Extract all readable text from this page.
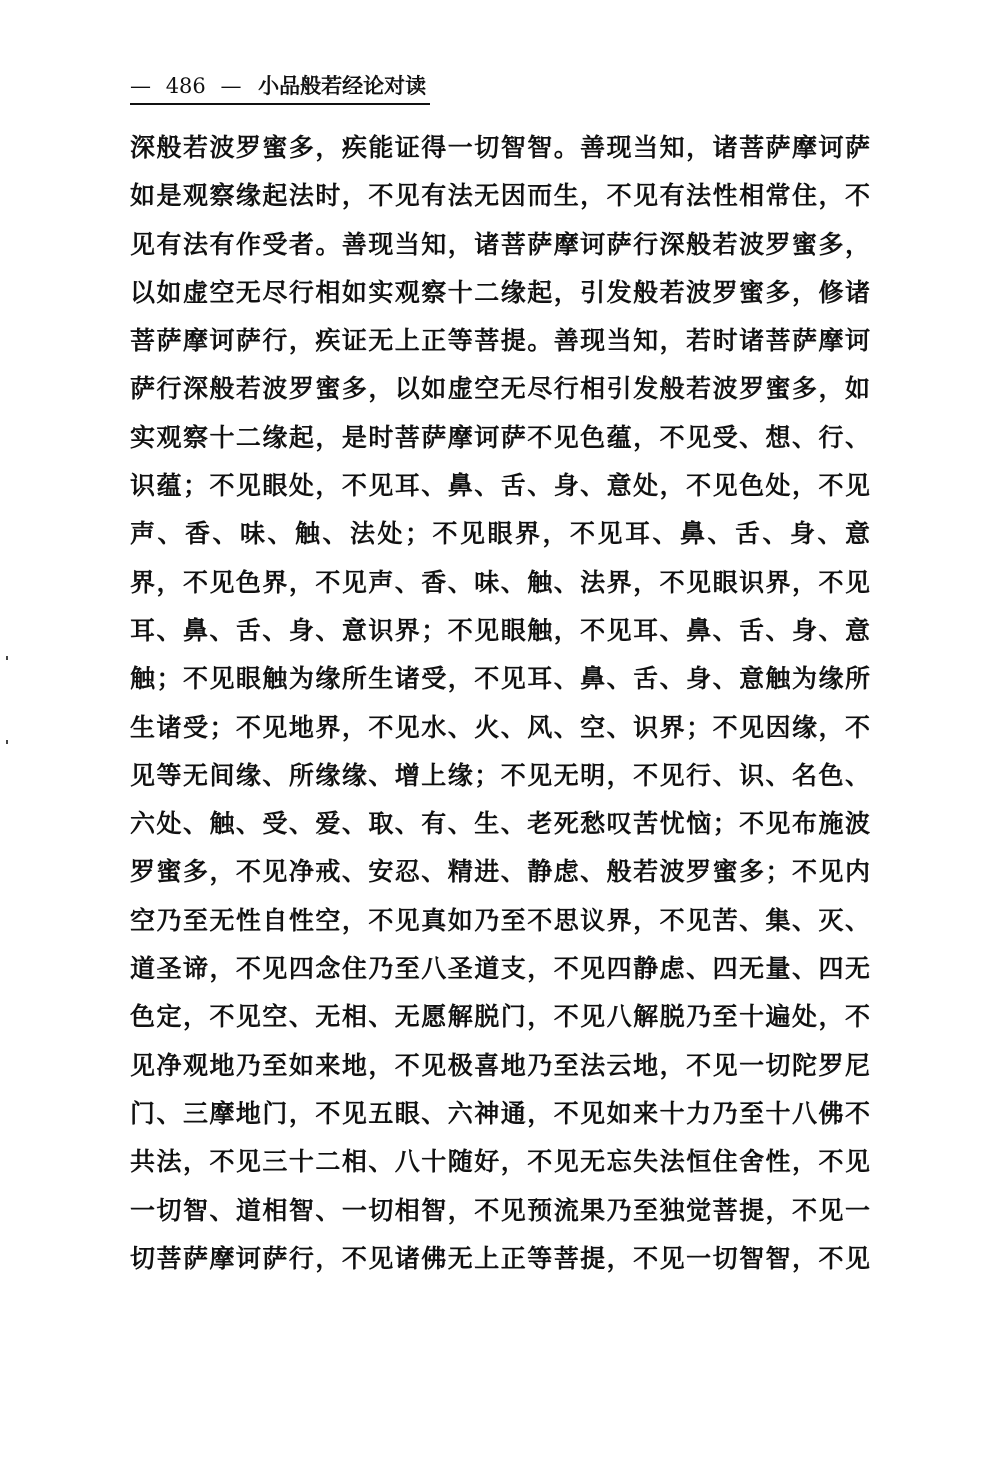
— 486 — 小品般若经论对读
深般若波罗蜜多，疾能证得一切智智。善现当知，诸菩萨摩诃萨
如是观察缘起法时，不见有法无因而生，不见有法性相常住，不
见有法有作受者。善现当知，诸菩萨摩诃萨行深般若波罗蜜多，
以如虚空无尽行相如实观察十二缘起，引发般若波罗蜜多，修诸
菩萨摩诃萨行，疾证无上正等菩提。善现当知，若时诸菩萨摩诃
萨行深般若波罗蜜多，以如虚空无尽行相引发般若波罗蜜多，如
实观察十二缘起，是时菩萨摩诃萨不见色蕴，不见受、想、行、
识蕴；不见眼处，不见耳、鼻、舌、身、意处，不见色处，不见
声、香、味、触、法处；不见眼界，不见耳、鼻、舌、身、意
界，不见色界，不见声、香、味、触、法界，不见眼识界，不见
耳、鼻、舌、身、意识界；不见眼触，不见耳、鼻、舌、身、意
触；不见眼触为缘所生诸受，不见耳、鼻、舌、身、意触为缘所
生诸受；不见地界，不见水、火、风、空、识界；不见因缘，不
见等无间缘、所缘缘、增上缘；不见无明，不见行、识、名色、
六处、触、受、爱、取、有、生、老死愁叹苦忧恼；不见布施波
罗蜜多，不见净戒、安忍、精进、静虑、般若波罗蜜多；不见内
空乃至无性自性空，不见真如乃至不思议界，不见苦、集、灭、
道圣谛，不见四念住乃至八圣道支，不见四静虑、四无量、四无
色定，不见空、无相、无愿解脱门，不见八解脱乃至十遍处，不
见净观地乃至如来地，不见极喜地乃至法云地，不见一切陀罗尼
门、三摩地门，不见五眼、六神通，不见如来十力乃至十八佛不
共法，不见三十二相、八十随好，不见无忘失法恒住舍性，不见
一切智、道相智、一切相智，不见预流果乃至独觉菩提，不见一
切菩萨摩诃萨行，不见诸佛无上正等菩提，不见一切智智，不见
